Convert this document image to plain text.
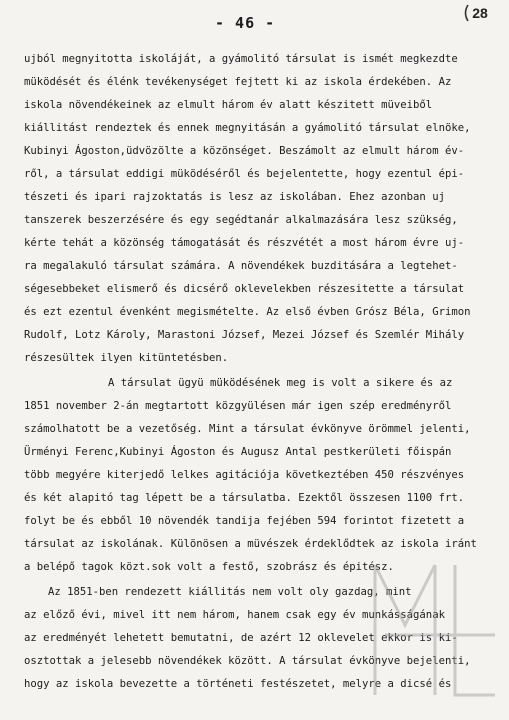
- 46 -
28
ujból megnyitotta iskoláját, a gyámolitó társulat is ismét megkezdte
müködését és élénk tevékenységet fejtett ki az iskola érdekében. Az
iskola növendékeinek az elmult három év alatt készitett müveiből
kiállitást rendeztek és ennek megnyitásán a gyámolitó társulat elnöke,
Kubinyi Ágoston,üdvözölte a közönséget. Beszámolt az elmult három év-
ről, a társulat eddigi müködéséről és bejelentette, hogy ezentul épi-
tészeti és ipari rajzoktatás is lesz az iskolában. Ehez azonban uj
tanszerek beszerzésére és egy segédtanár alkalmazására lesz szükség,
kérte tehát a közönség támogatását és részvétét a most három évre uj-
ra megalakuló társulat számára. A növendékek buzditására a legtehet-
ségesebbeket elismerő és dicsérő oklevelekben részesitette a társulat
és ezt ezentul évenként megismételte. Az első évben Grósz Béla, Grimon
Rudolf, Lotz Károly, Marastoni József, Mezei József és Szemlér Mihály
részesültek ilyen kitüntetésben.
A társulat ügyü müködésének meg is volt a sikere és az
1851 november 2-án megtartott közgyülésen már igen szép eredményről
számolhatott be a vezetőség. Mint a társulat évkönyve örömmel jelenti,
Ürményi Ferenc,Kubinyi Ágoston és Augusz Antal pestkerületi főispán
több megyére kiterjedő lelkes agitációja következtében 450 részvényes
és két alapitó tag lépett be a társulatba. Ezektől összesen 1100 frt.
folyt be és ebből 10 növendék tandija fejében 594 forintot fizetett a
társulat az iskolának. Különösen a müvészek érdeklődtek az iskola iránt
a belépő tagok közt.sok volt a festő, szobrász és épitész.
Az 1851-ben rendezett kiállitás nem volt oly gazdag, mint
az előző évi, mivel itt nem három, hanem csak egy év munkásságának
az eredményét lehetett bemutatni, de azért 12 oklevelet ekkor is ki-
osztottak a jelesebb növendékek között. A társulat évkönyve bejelenti,
hogy az iskola bevezette a történeti festészetet, melyre a dicsé és
